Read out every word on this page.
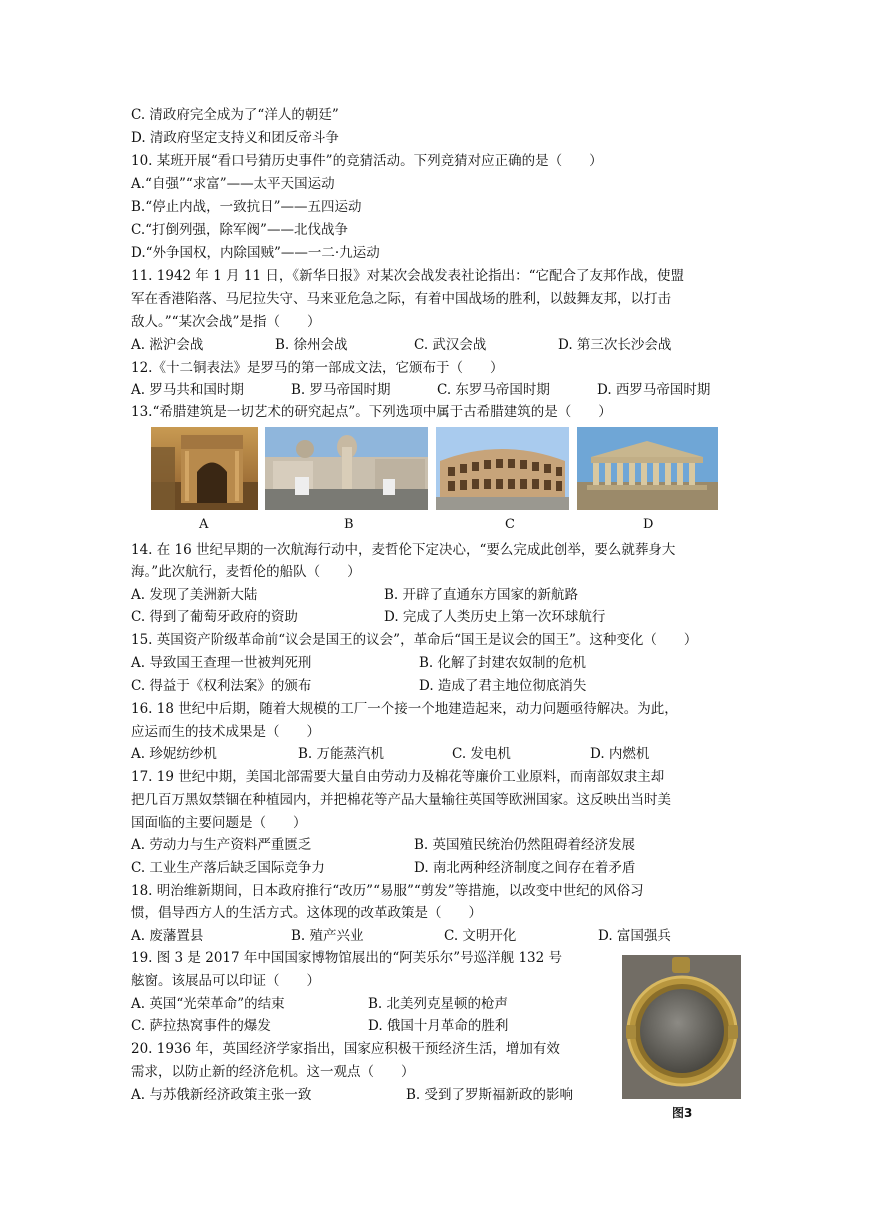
C. 清政府完全成为了“洋人的朝廷”
D. 清政府坚定支持义和团反帝斗争
10. 某班开展“看口号猜历史事件”的竞猜活动。下列竞猜对应正确的是（　　）
A.“自强”“求富”——太平天国运动
B.“停止内战，一致抗日”——五四运动
C.“打倒列强，除军阀”——北伐战争
D.“外争国权，内除国贼”——一二·九运动
11. 1942 年 1 月 11 日，《新华日报》对某次会战发表社论指出：“它配合了友邦作战，使盟
军在香港陷落、马尼拉失守、马来亚危急之际，有着中国战场的胜利，以鼓舞友邦，以打击
敌人。”“某次会战”是指（　　）
A. 淞沪会战	B. 徐州会战	C. 武汉会战	D. 第三次长沙会战
12.《十二铜表法》是罗马的第一部成文法，它颁布于（　　）
A. 罗马共和国时期	B. 罗马帝国时期	C. 东罗马帝国时期	D. 西罗马帝国时期
13.“希腊建筑是一切艺术的研究起点”。下列选项中属于古希腊建筑的是（　　）
A	B	C	D
14. 在 16 世纪早期的一次航海行动中，麦哲伦下定决心，“要么完成此创举，要么就葬身大
海。”此次航行，麦哲伦的船队（　　）
A. 发现了美洲新大陆	B. 开辟了直通东方国家的新航路
C. 得到了葡萄牙政府的资助	D. 完成了人类历史上第一次环球航行
15. 英国资产阶级革命前“议会是国王的议会”，革命后“国王是议会的国王”。这种变化（　　）
A. 导致国王查理一世被判死刑	B. 化解了封建农奴制的危机
C. 得益于《权利法案》的颁布	D. 造成了君主地位彻底消失
16. 18 世纪中后期，随着大规模的工厂一个接一个地建造起来，动力问题亟待解决。为此，
应运而生的技术成果是（　　）
A. 珍妮纺纱机	B. 万能蒸汽机	C. 发电机	D. 内燃机
17. 19 世纪中期，美国北部需要大量自由劳动力及棉花等廉价工业原料，而南部奴隶主却
把几百万黑奴禁锢在种植园内，并把棉花等产品大量输往英国等欧洲国家。这反映出当时美
国面临的主要问题是（　　）
A. 劳动力与生产资料严重匮乏	B. 英国殖民统治仍然阻碍着经济发展
C. 工业生产落后缺乏国际竞争力	D. 南北两种经济制度之间存在着矛盾
18. 明治维新期间，日本政府推行“改历”“易服”“剪发”等措施，以改变中世纪的风俗习
惯，倡导西方人的生活方式。这体现的改革政策是（　　）
A. 废藩置县	B. 殖产兴业	C. 文明开化	D. 富国强兵
19. 图 3 是 2017 年中国国家博物馆展出的“阿芙乐尔”号巡洋舰 132 号
舷窗。该展品可以印证（　　）
A. 英国“光荣革命”的结束	B. 北美列克星顿的枪声
C. 萨拉热窝事件的爆发	D. 俄国十月革命的胜利
图3
20. 1936 年，英国经济学家指出，国家应积极干预经济生活，增加有效
需求，以防止新的经济危机。这一观点（　　）
A. 与苏俄新经济政策主张一致	B. 受到了罗斯福新政的影响
